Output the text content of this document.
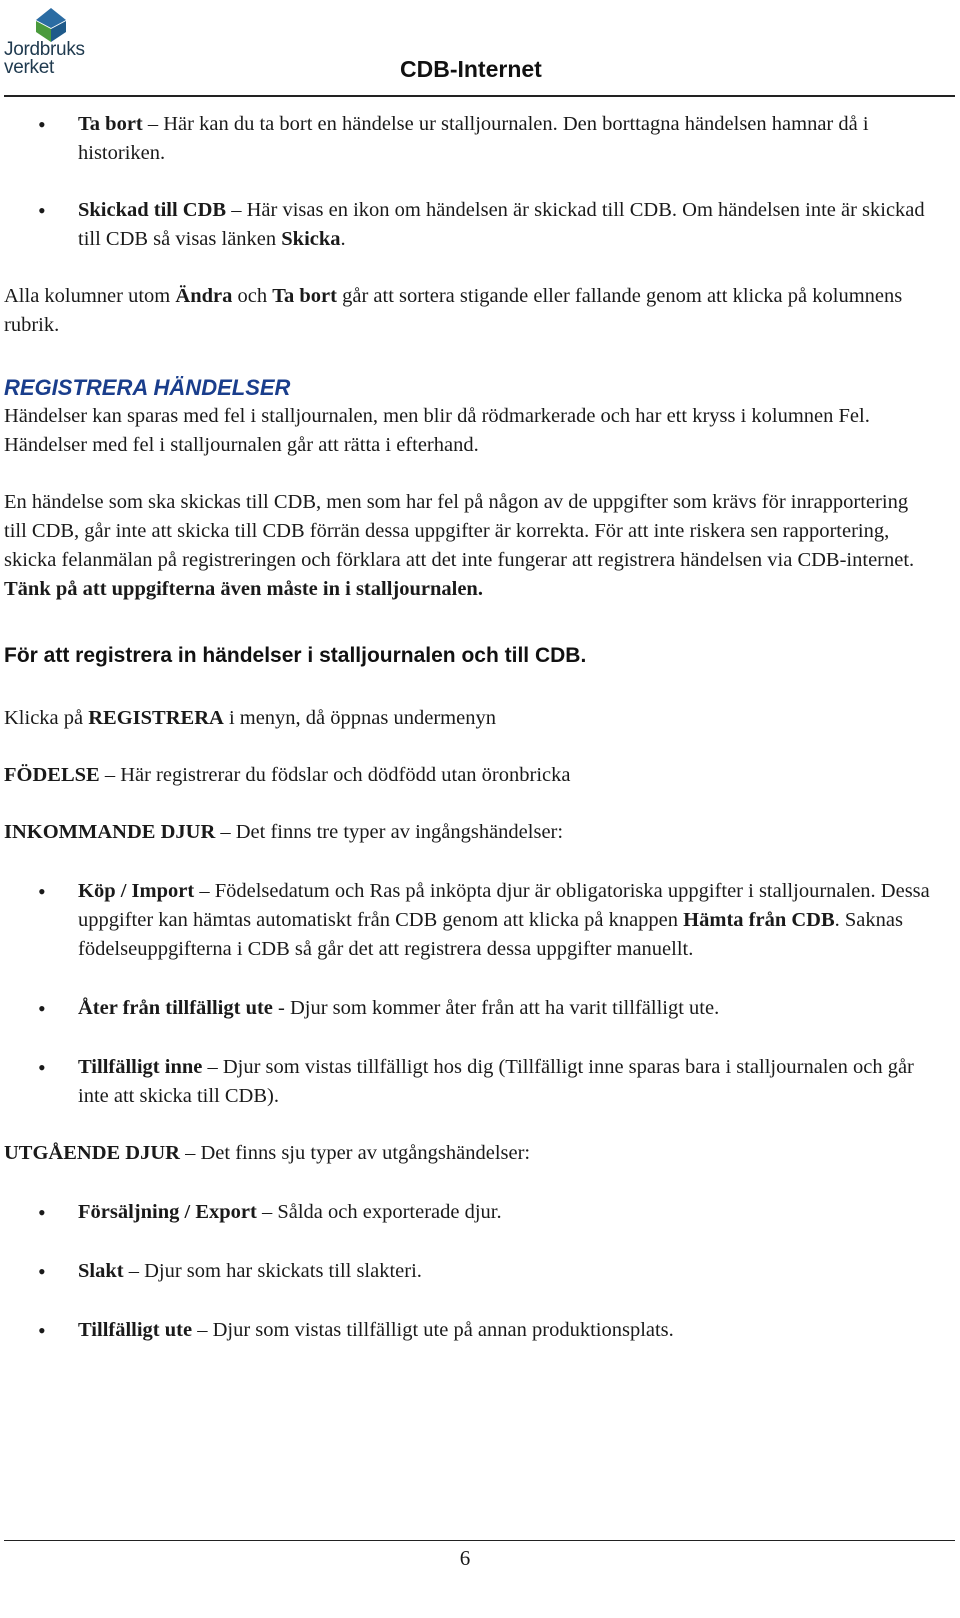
Jordbruks
verket	CDB-Internet
• Ta bort – Här kan du ta bort en händelse ur stalljournalen. Den borttagna händelsen hamnar då i historiken.
• Skickad till CDB – Här visas en ikon om händelsen är skickad till CDB. Om händelsen inte är skickad till CDB så visas länken Skicka.

Alla kolumner utom Ändra och Ta bort går att sortera stigande eller fallande genom att klicka på kolumnens rubrik.

REGISTRERA HÄNDELSER

Händelser kan sparas med fel i stalljournalen, men blir då rödmarkerade och har ett kryss i kolumnen Fel. Händelser med fel i stalljournalen går att rätta i efterhand.

En händelse som ska skickas till CDB, men som har fel på någon av de uppgifter som krävs för inrapportering till CDB, går inte att skicka till CDB förrän dessa uppgifter är korrekta. För att inte riskera sen rapportering, skicka felanmälan på registreringen och förklara att det inte fungerar att registrera händelsen via CDB-internet.

Tänk på att uppgifterna även måste in i stalljournalen.

För att registrera in händelser i stalljournalen och till CDB.

Klicka på REGISTRERA i menyn, då öppnas undermenyn

FÖDELSE – Här registrerar du födslar och dödfödd utan öronbricka

INKOMMANDE DJUR – Det finns tre typer av ingångshändelser:

• Köp / Import – Födelsedatum och Ras på inköpta djur är obligatoriska uppgifter i stalljournalen. Dessa uppgifter kan hämtas automatiskt från CDB genom att klicka på knappen Hämta från CDB. Saknas födelseuppgifterna i CDB så går det att registrera dessa uppgifter manuellt.
• Åter från tillfälligt ute - Djur som kommer åter från att ha varit tillfälligt ute.
• Tillfälligt inne – Djur som vistas tillfälligt hos dig (Tillfälligt inne sparas bara i stalljournalen och går inte att skicka till CDB).

UTGÅENDE DJUR – Det finns sju typer av utgångshändelser:

• Försäljning / Export – Sålda och exporterade djur.
• Slakt – Djur som har skickats till slakteri.
• Tillfälligt ute – Djur som vistas tillfälligt ute på annan produktionsplats.
6
